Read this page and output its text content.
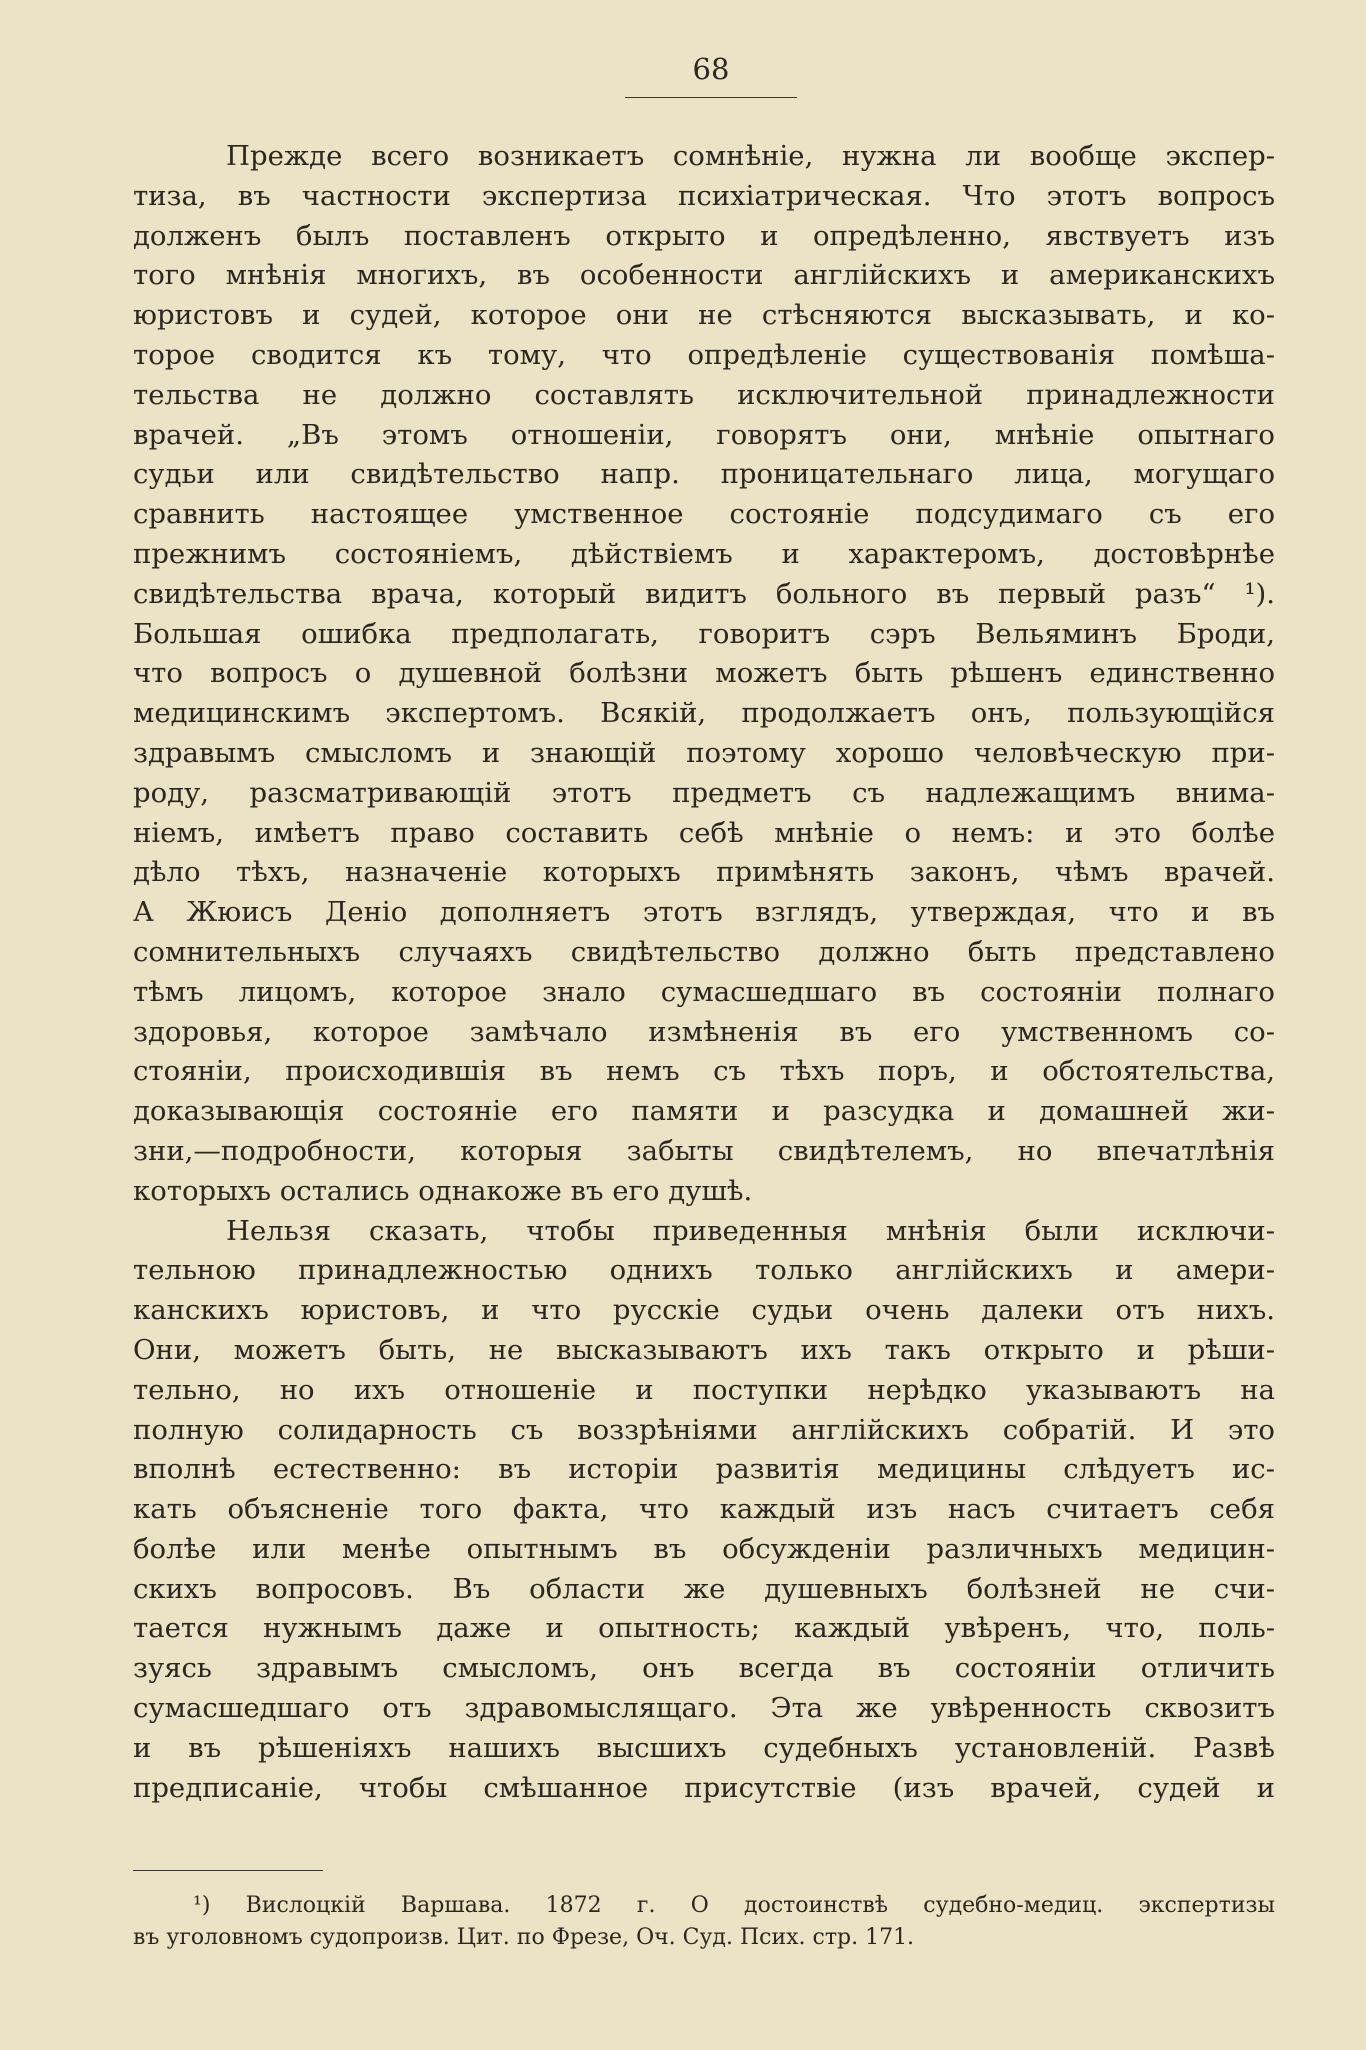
68
Прежде всего возникаетъ сомнѣніе, нужна ли вообще экспер-
тиза, въ частности экспертиза психіатрическая. Что этотъ вопросъ
долженъ былъ поставленъ открыто и опредѣленно, явствуетъ изъ
того мнѣнія многихъ, въ особенности англійскихъ и американскихъ
юристовъ и судей, которое они не стѣсняются высказывать, и ко-
торое сводится къ тому, что опредѣленіе существованія помѣша-
тельства не должно составлять исключительной принадлежности
врачей. „Въ этомъ отношеніи, говорятъ они, мнѣніе опытнаго
судьи или свидѣтельство напр. проницательнаго лица, могущаго
сравнить настоящее умственное состояніе подсудимаго съ его
прежнимъ состояніемъ, дѣйствіемъ и характеромъ, достовѣрнѣе
свидѣтельства врача, который видитъ больного въ первый разъ“ ¹).
Большая ошибка предполагать, говоритъ сэръ Вельяминъ Броди,
что вопросъ о душевной болѣзни можетъ быть рѣшенъ единственно
медицинскимъ экспертомъ. Всякій, продолжаетъ онъ, пользующійся
здравымъ смысломъ и знающій поэтому хорошо человѣческую при-
роду, разсматривающій этотъ предметъ съ надлежащимъ внима-
ніемъ, имѣетъ право составить себѣ мнѣніе о немъ: и это болѣе
дѣло тѣхъ, назначеніе которыхъ примѣнять законъ, чѣмъ врачей.
А Жюисъ Деніо дополняетъ этотъ взглядъ, утверждая, что и въ
сомнительныхъ случаяхъ свидѣтельство должно быть представлено
тѣмъ лицомъ, которое знало сумасшедшаго въ состояніи полнаго
здоровья, которое замѣчало измѣненія въ его умственномъ со-
стояніи, происходившія въ немъ съ тѣхъ поръ, и обстоятельства,
доказывающія состояніе его памяти и разсудка и домашней жи-
зни,—подробности, которыя забыты свидѣтелемъ, но впечатлѣнія
которыхъ остались однакоже въ его душѣ.
Нельзя сказать, чтобы приведенныя мнѣнія были исключи-
тельною принадлежностью однихъ только англійскихъ и амери-
канскихъ юристовъ, и что русскіе судьи очень далеки отъ нихъ.
Они, можетъ быть, не высказываютъ ихъ такъ открыто и рѣши-
тельно, но ихъ отношеніе и поступки нерѣдко указываютъ на
полную солидарность съ воззрѣніями англійскихъ собратій. И это
вполнѣ естественно: въ исторіи развитія медицины слѣдуетъ ис-
кать объясненіе того факта, что каждый изъ насъ считаетъ себя
болѣе или менѣе опытнымъ въ обсужденіи различныхъ медицин-
скихъ вопросовъ. Въ области же душевныхъ болѣзней не счи-
тается нужнымъ даже и опытность; каждый увѣренъ, что, поль-
зуясь здравымъ смысломъ, онъ всегда въ состояніи отличить
сумасшедшаго отъ здравомыслящаго. Эта же увѣренность сквозитъ
и въ рѣшеніяхъ нашихъ высшихъ судебныхъ установленій. Развѣ
предписаніе, чтобы смѣшанное присутствіе (изъ врачей, судей и
¹) Вислоцкій Варшава. 1872 г. О достоинствѣ судебно-медиц. экспертизы
въ уголовномъ судопроизв. Цит. по Фрезе, Оч. Суд. Псих. стр. 171.
